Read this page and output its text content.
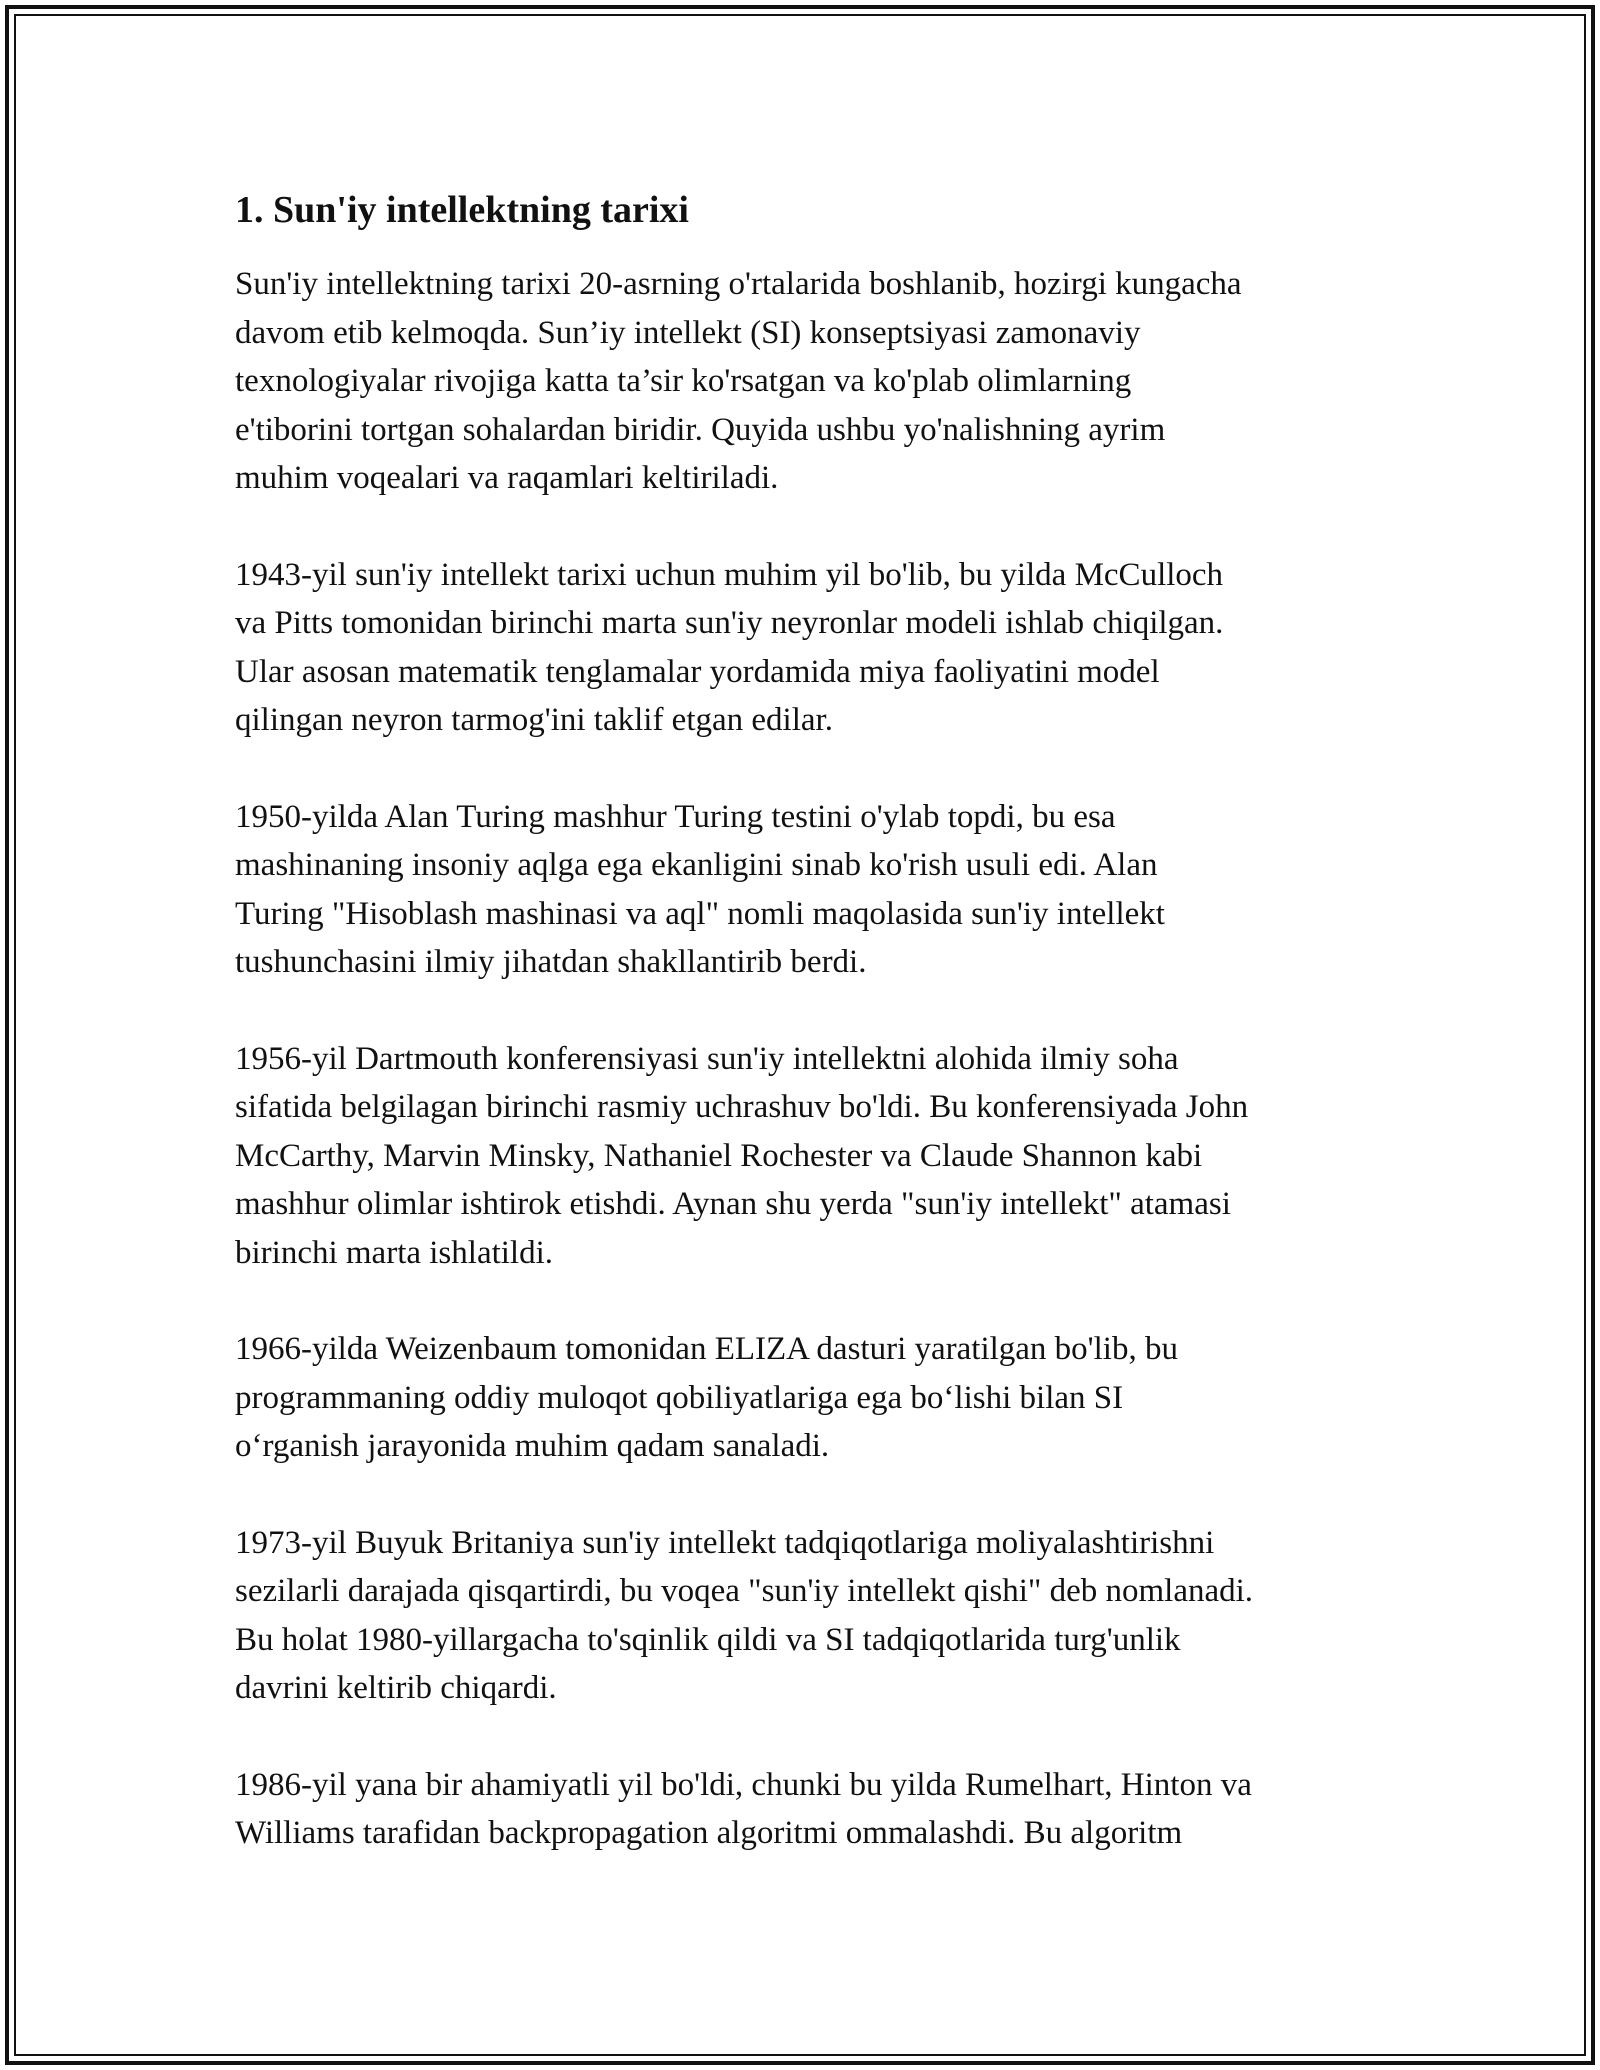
1. Sun'iy intellektning tarixi

Sun'iy intellektning tarixi 20-asrning o'rtalarida boshlanib, hozirgi kungacha
davom etib kelmoqda. Sun’iy intellekt (SI) konseptsiyasi zamonaviy
texnologiyalar rivojiga katta ta’sir ko'rsatgan va ko'plab olimlarning
e'tiborini tortgan sohalardan biridir. Quyida ushbu yo'nalishning ayrim
muhim voqealari va raqamlari keltiriladi.

1943-yil sun'iy intellekt tarixi uchun muhim yil bo'lib, bu yilda McCulloch
va Pitts tomonidan birinchi marta sun'iy neyronlar modeli ishlab chiqilgan.
Ular asosan matematik tenglamalar yordamida miya faoliyatini model
qilingan neyron tarmog'ini taklif etgan edilar.

1950-yilda Alan Turing mashhur Turing testini o'ylab topdi, bu esa
mashinaning insoniy aqlga ega ekanligini sinab ko'rish usuli edi. Alan
Turing "Hisoblash mashinasi va aql" nomli maqolasida sun'iy intellekt
tushunchasini ilmiy jihatdan shakllantirib berdi.

1956-yil Dartmouth konferensiyasi sun'iy intellektni alohida ilmiy soha
sifatida belgilagan birinchi rasmiy uchrashuv bo'ldi. Bu konferensiyada John
McCarthy, Marvin Minsky, Nathaniel Rochester va Claude Shannon kabi
mashhur olimlar ishtirok etishdi. Aynan shu yerda "sun'iy intellekt" atamasi
birinchi marta ishlatildi.

1966-yilda Weizenbaum tomonidan ELIZA dasturi yaratilgan bo'lib, bu
programmaning oddiy muloqot qobiliyatlariga ega bo‘lishi bilan SI
o‘rganish jarayonida muhim qadam sanaladi.

1973-yil Buyuk Britaniya sun'iy intellekt tadqiqotlariga moliyalashtirishni
sezilarli darajada qisqartirdi, bu voqea "sun'iy intellekt qishi" deb nomlanadi.
Bu holat 1980-yillargacha to'sqinlik qildi va SI tadqiqotlarida turg'unlik
davrini keltirib chiqardi.

1986-yil yana bir ahamiyatli yil bo'ldi, chunki bu yilda Rumelhart, Hinton va
Williams tarafidan backpropagation algoritmi ommalashdi. Bu algoritm
